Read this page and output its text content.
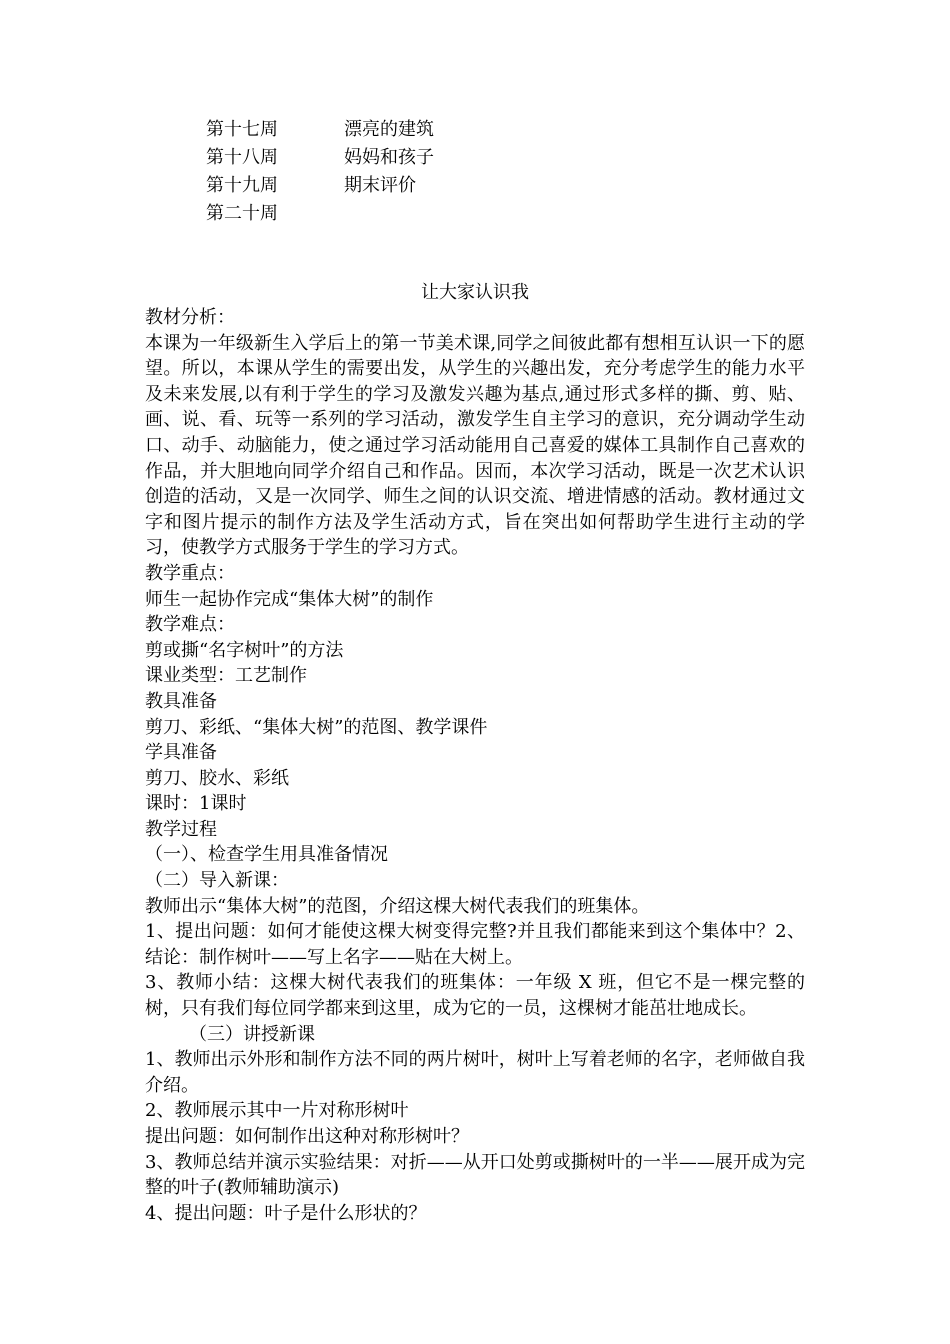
第十七周	漂亮的建筑
第十八周	妈妈和孩子
第十九周	期末评价
第二十周
让大家认识我

教材分析：

本课为一年级新生入学后上的第一节美术课,同学之间彼此都有想相互认识一下的愿望。所以，本课从学生的需要出发，从学生的兴趣出发，充分考虑学生的能力水平及未来发展,以有利于学生的学习及激发兴趣为基点,通过形式多样的撕、剪、贴、画、说、看、玩等一系列的学习活动，激发学生自主学习的意识，充分调动学生动口、动手、动脑能力，使之通过学习活动能用自己喜爱的媒体工具制作自己喜欢的作品，并大胆地向同学介绍自己和作品。因而，本次学习活动，既是一次艺术认识创造的活动，又是一次同学、师生之间的认识交流、增进情感的活动。教材通过文字和图片提示的制作方法及学生活动方式，旨在突出如何帮助学生进行主动的学习，使教学方式服务于学生的学习方式。

教学重点：

师生一起协作完成“集体大树”的制作

教学难点：

剪或撕“名字树叶”的方法

课业类型：工艺制作

教具准备

剪刀、彩纸、“集体大树”的范图、教学课件

学具准备

剪刀、胶水、彩纸

课时：1课时

教学过程

（一）、检查学生用具准备情况

（二）导入新课：

教师出示“集体大树”的范图，介绍这棵大树代表我们的班集体。

1、提出问题：如何才能使这棵大树变得完整?并且我们都能来到这个集体中？2、结论：制作树叶——写上名字——贴在大树上。

3、教师小结：这棵大树代表我们的班集体：一年级 X 班，但它不是一棵完整的树，只有我们每位同学都来到这里，成为它的一员，这棵树才能茁壮地成长。

（三）讲授新课

1、教师出示外形和制作方法不同的两片树叶，树叶上写着老师的名字，老师做自我介绍。

2、教师展示其中一片对称形树叶

提出问题：如何制作出这种对称形树叶？

3、教师总结并演示实验结果：对折——从开口处剪或撕树叶的一半——展开成为完整的叶子(教师辅助演示)

4、提出问题：叶子是什么形状的？
